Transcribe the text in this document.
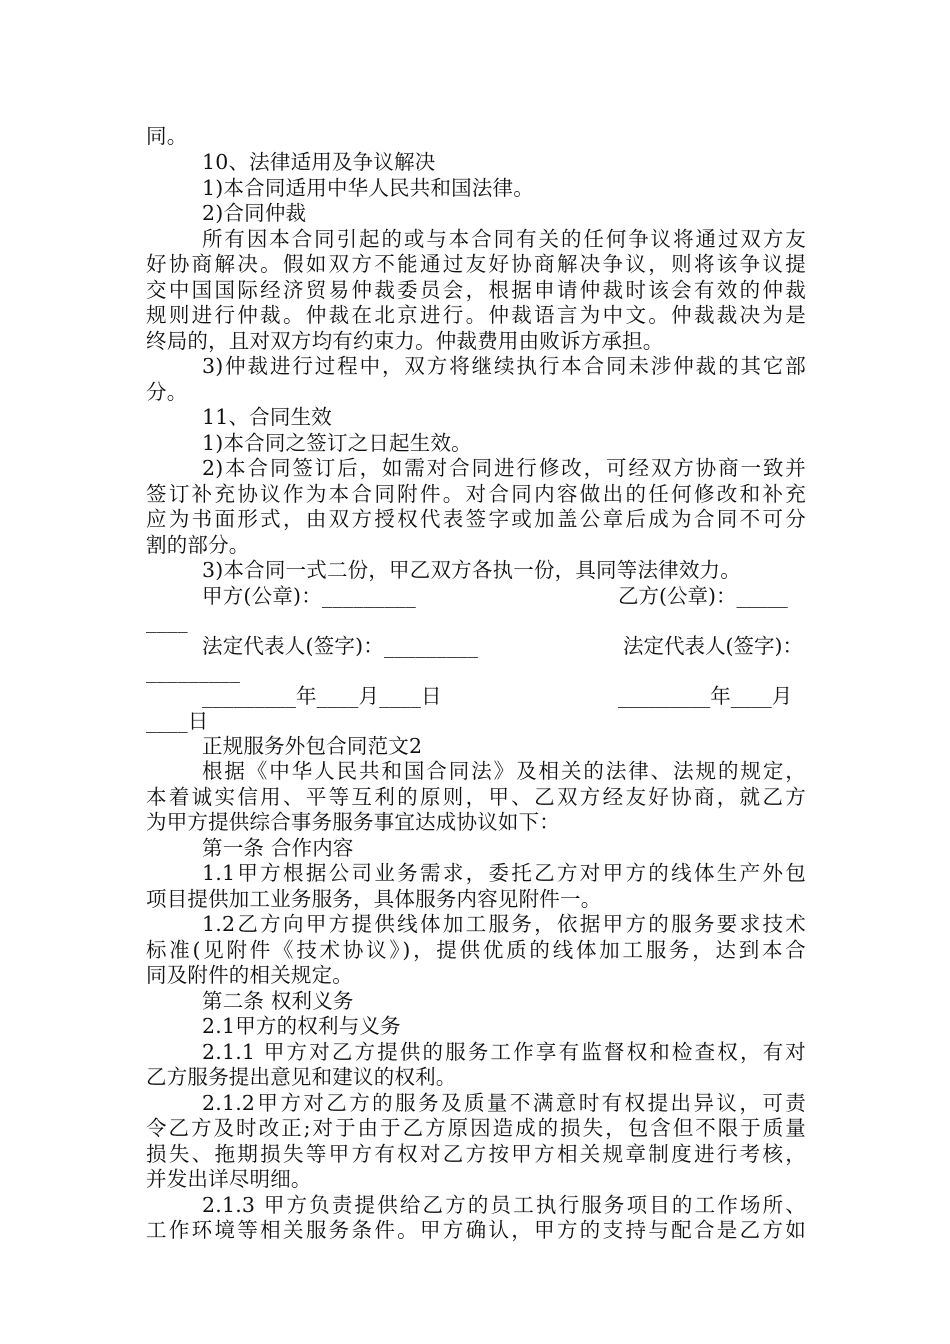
同。
10、法律适用及争议解决
1)本合同适用中华人民共和国法律。
2)合同仲裁
所有因本合同引起的或与本合同有关的任何争议将通过双方友
好协商解决。假如双方不能通过友好协商解决争议，则将该争议提
交中国国际经济贸易仲裁委员会，根据申请仲裁时该会有效的仲裁
规则进行仲裁。仲裁在北京进行。仲裁语言为中文。仲裁裁决为是
终局的，且对双方均有约束力。仲裁费用由败诉方承担。
3)仲裁进行过程中，双方将继续执行本合同未涉仲裁的其它部
分。
11、合同生效
1)本合同之签订之日起生效。
2)本合同签订后，如需对合同进行修改，可经双方协商一致并
签订补充协议作为本合同附件。对合同内容做出的任何修改和补充
应为书面形式，由双方授权代表签字或加盖公章后成为合同不可分
割的部分。
3)本合同一式二份，甲乙双方各执一份，具同等法律效力。
甲方(公章)：_________	乙方(公章)：_____
____
法定代表人(签字)：_________	法定代表人(签字)：
_________
_________年____月____日	_________年____月
____日
正规服务外包合同范文2
根据《中华人民共和国合同法》及相关的法律、法规的规定，
本着诚实信用、平等互利的原则，甲、乙双方经友好协商，就乙方
为甲方提供综合事务服务事宜达成协议如下：
第一条 合作内容
1.1甲方根据公司业务需求，委托乙方对甲方的线体生产外包
项目提供加工业务服务，具体服务内容见附件一。
1.2乙方向甲方提供线体加工服务，依据甲方的服务要求技术
标准(见附件《技术协议》)，提供优质的线体加工服务，达到本合
同及附件的相关规定。
第二条 权利义务
2.1甲方的权利与义务
2.1.1 甲方对乙方提供的服务工作享有监督权和检查权，有对
乙方服务提出意见和建议的权利。
2.1.2甲方对乙方的服务及质量不满意时有权提出异议，可责
令乙方及时改正;对于由于乙方原因造成的损失，包含但不限于质量
损失、拖期损失等甲方有权对乙方按甲方相关规章制度进行考核，
并发出详尽明细。
2.1.3 甲方负责提供给乙方的员工执行服务项目的工作场所、
工作环境等相关服务条件。甲方确认，甲方的支持与配合是乙方如
